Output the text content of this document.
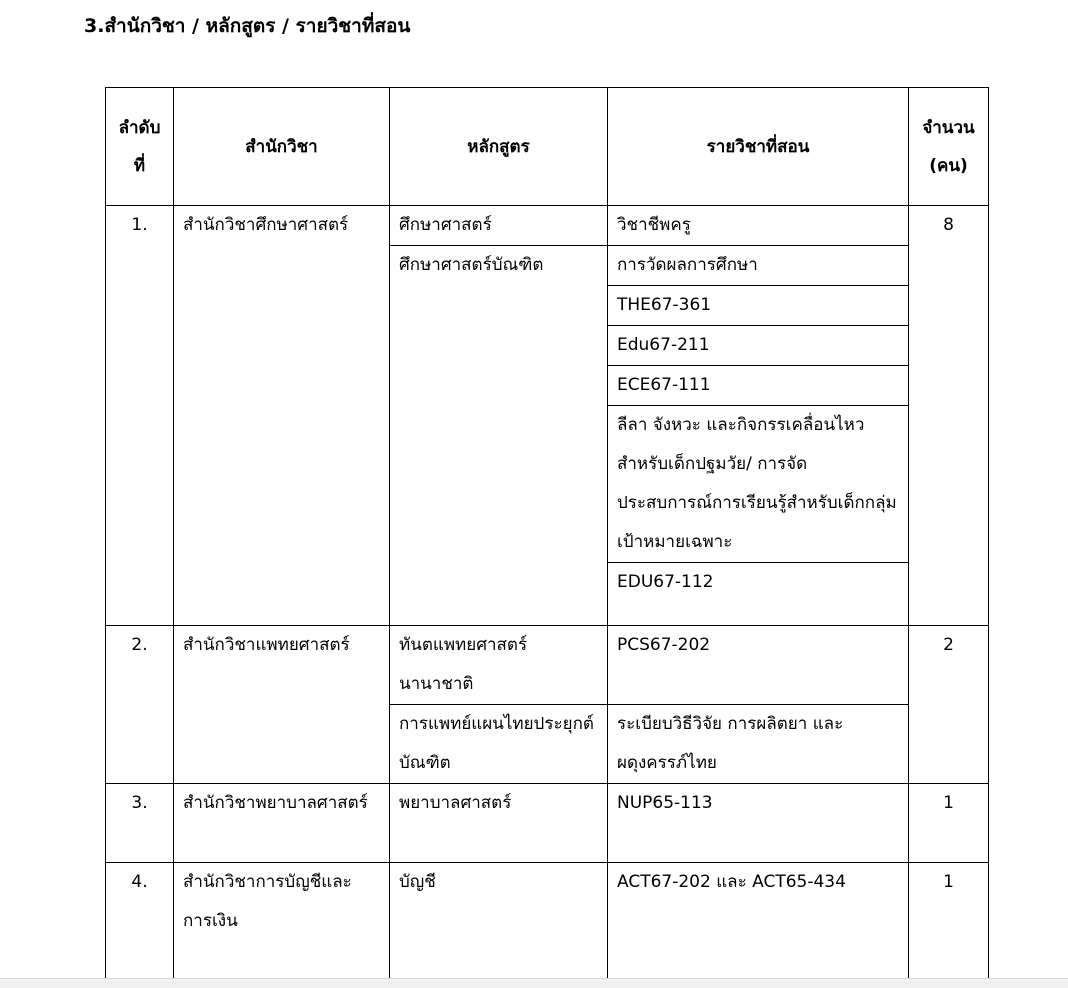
3.สำนักวิชา / หลักสูตร / รายวิชาที่สอน
ลำดับที่	สำนักวิชา	หลักสูตร	รายวิชาที่สอน	จำนวน (คน)
1.	สำนักวิชาศึกษาศาสตร์	ศึกษาศาสตร์	วิชาชีพครู	8
		ศึกษาศาสตร์บัณฑิต	การวัดผลการศึกษา	
			THE67-361	
			Edu67-211	
			ECE67-111	
			ลีลา จังหวะ และกิจกรรเคลื่อนไหวสำหรับเด็กปฐมวัย/ การจัดประสบการณ์การเรียนรู้สำหรับเด็กกลุ่มเป้าหมายเฉพาะ	
			EDU67-112	
2.	สำนักวิชาแพทยศาสตร์	ทันตแพทยศาสตร์นานาชาติ	PCS67-202	2
		การแพทย์แผนไทยประยุกต์บัณฑิต	ระเบียบวิธีวิจัย การผลิตยา และผดุงครรภ์ไทย	
3.	สำนักวิชาพยาบาลศาสตร์	พยาบาลศาสตร์	NUP65-113	1
4.	สำนักวิชาการบัญชีและการเงิน	บัญชี	ACT67-202 และ ACT65-434	1
